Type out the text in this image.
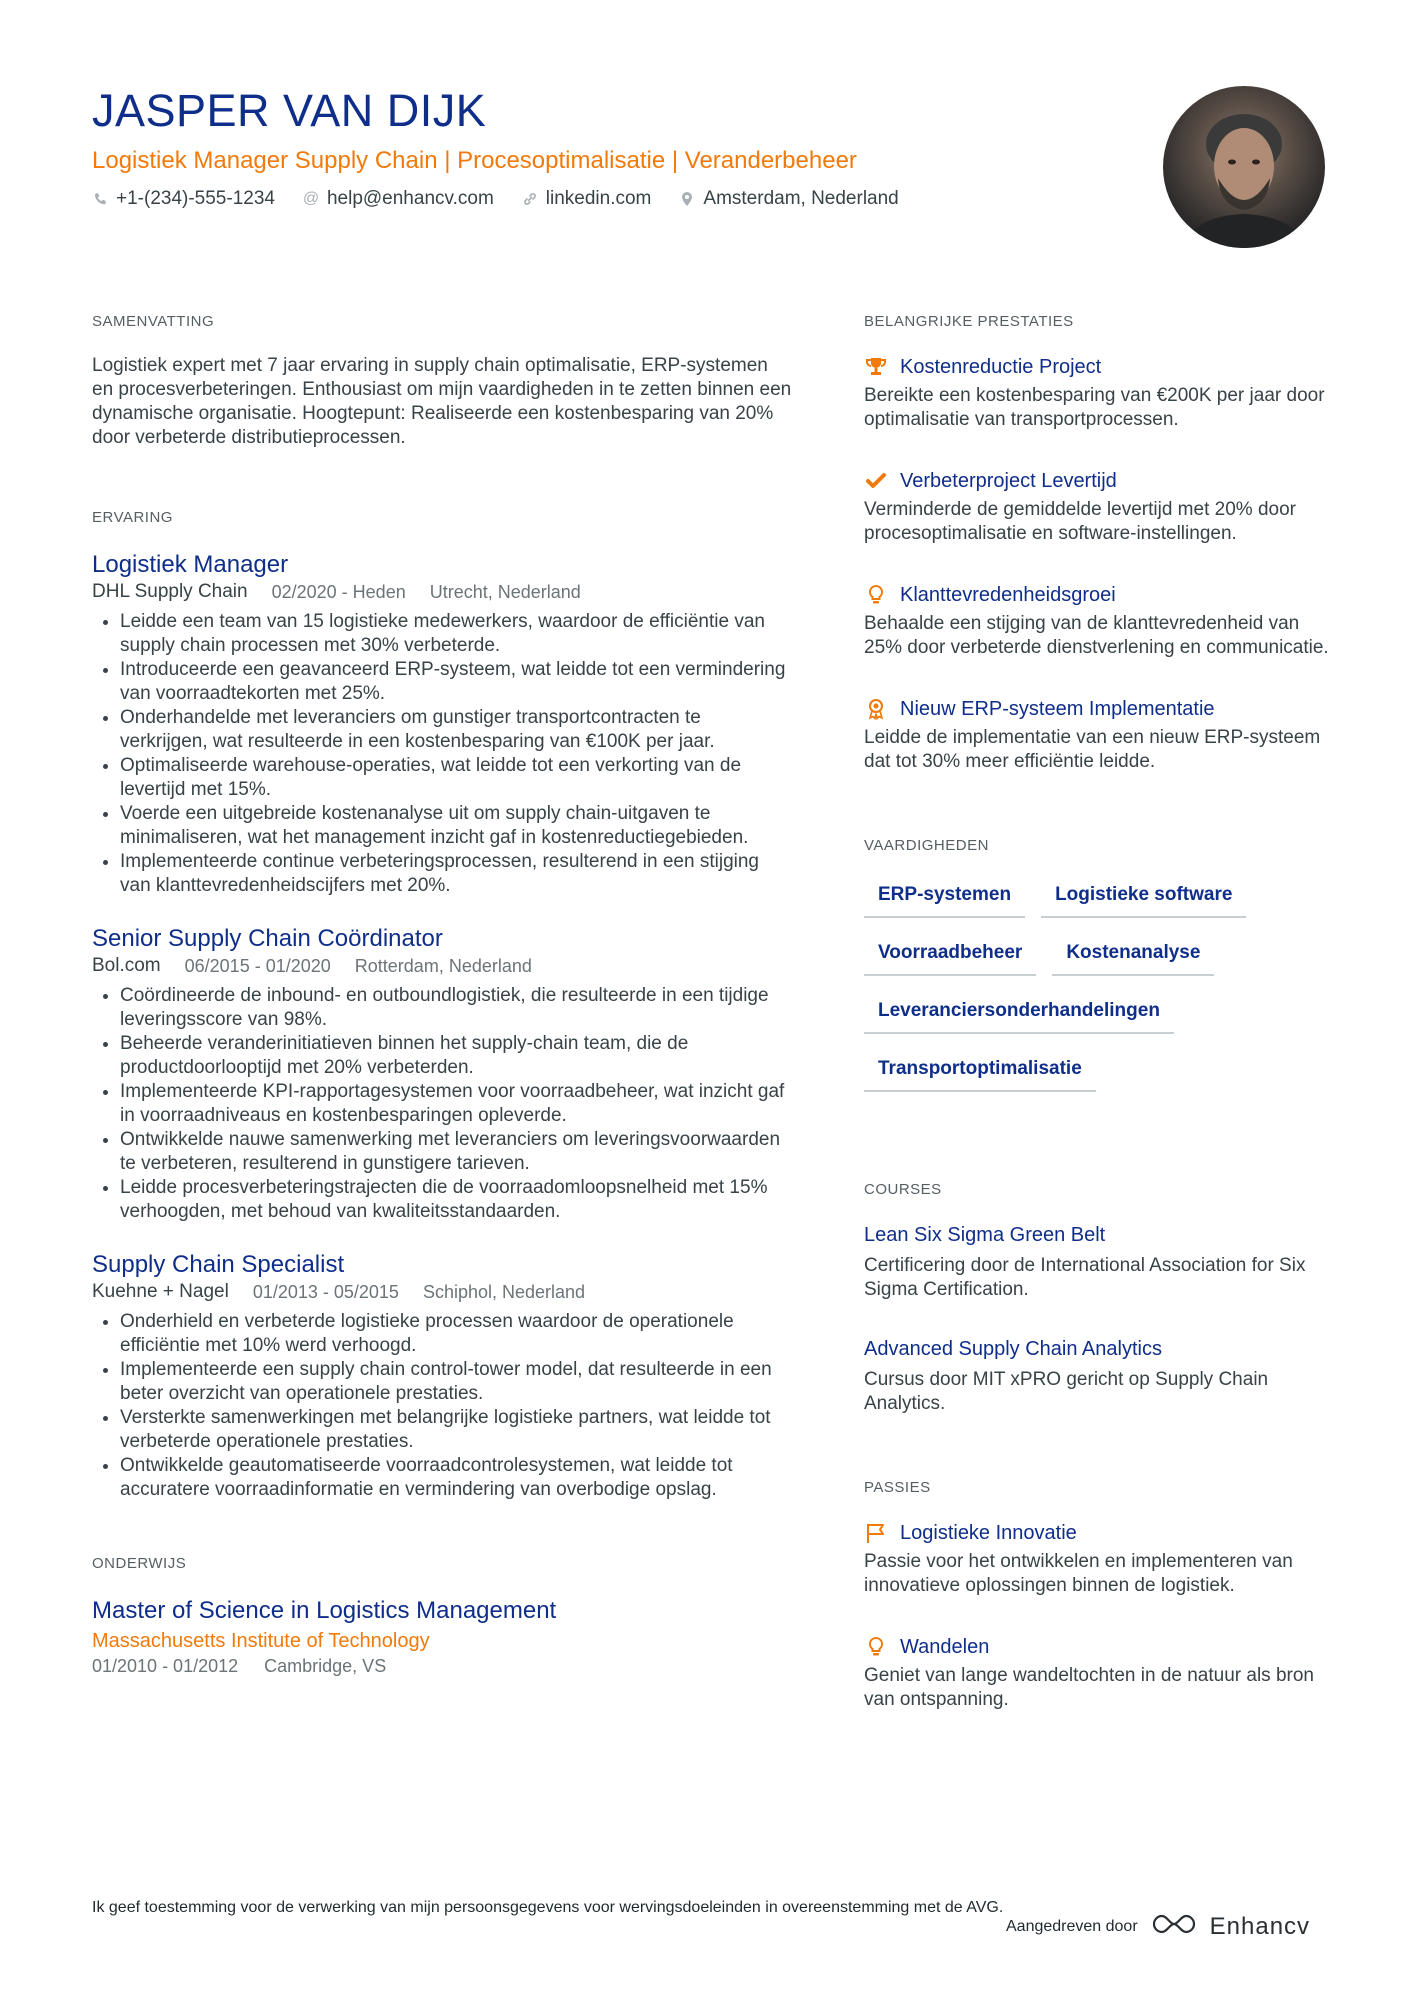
JASPER VAN DIJK
Logistiek Manager Supply Chain | Procesoptimalisatie | Veranderbeheer
+1-(234)-555-1234 @ help@enhancv.com	linkedin.com	Amsterdam, Nederland
SAMENVATTING

Logistiek expert met 7 jaar ervaring in supply chain optimalisatie, ERP-systemen en procesverbeteringen. Enthousiast om mijn vaardigheden in te zetten binnen een dynamische organisatie. Hoogtepunt: Realiseerde een kostenbesparing van 20% door verbeterde distributieprocessen.

ERVARING
Logistiek Manager
DHL Supply Chain 02/2020 - Heden Utrecht, Nederland
• Leidde een team van 15 logistieke medewerkers, waardoor de efficiëntie van supply chain processen met 30% verbeterde.
• Introduceerde een geavanceerd ERP-systeem, wat leidde tot een vermindering van voorraadtekorten met 25%.
• Onderhandelde met leveranciers om gunstiger transportcontracten te verkrijgen, wat resulteerde in een kostenbesparing van €100K per jaar.
• Optimaliseerde warehouse-operaties, wat leidde tot een verkorting van de levertijd met 15%.
• Voerde een uitgebreide kostenanalyse uit om supply chain-uitgaven te minimaliseren, wat het management inzicht gaf in kostenreductiegebieden.
• Implementeerde continue verbeteringsprocessen, resulterend in een stijging van klanttevredenheidscijfers met 20%.
Senior Supply Chain Coördinator
Bol.com 06/2015 - 01/2020 Rotterdam, Nederland
• Coördineerde de inbound- en outboundlogistiek, die resulteerde in een tijdige leveringsscore van 98%.
• Beheerde veranderinitiatieven binnen het supply-chain team, die de productdoorlooptijd met 20% verbeterden.
• Implementeerde KPI-rapportagesystemen voor voorraadbeheer, wat inzicht gaf in voorraadniveaus en kostenbesparingen opleverde.
• Ontwikkelde nauwe samenwerking met leveranciers om leveringsvoorwaarden te verbeteren, resulterend in gunstigere tarieven.
• Leidde procesverbeteringstrajecten die de voorraadomloopsnelheid met 15% verhoogden, met behoud van kwaliteitsstandaarden.
Supply Chain Specialist
Kuehne + Nagel 01/2013 - 05/2015 Schiphol, Nederland
• Onderhield en verbeterde logistieke processen waardoor de operationele efficiëntie met 10% werd verhoogd.
• Implementeerde een supply chain control-tower model, dat resulteerde in een beter overzicht van operationele prestaties.
• Versterkte samenwerkingen met belangrijke logistieke partners, wat leidde tot verbeterde operationele prestaties.
• Ontwikkelde geautomatiseerde voorraadcontrolesystemen, wat leidde tot accuratere voorraadinformatie en vermindering van overbodige opslag.
ONDERWIJS
Master of Science in Logistics Management
Massachusetts Institute of Technology
01/2010 - 01/2012 Cambridge, VS
BELANGRIJKE PRESTATIES
Kostenreductie Project
Bereikte een kostenbesparing van €200K per jaar door optimalisatie van transportprocessen.
Verbeterproject Levertijd
Verminderde de gemiddelde levertijd met 20% door procesoptimalisatie en software-instellingen.
Klanttevredenheidsgroei
Behaalde een stijging van de klanttevredenheid van 25% door verbeterde dienstverlening en communicatie.
Nieuw ERP-systeem Implementatie
Leidde de implementatie van een nieuw ERP-systeem dat tot 30% meer efficiëntie leidde.
VAARDIGHEDEN
ERP-systemen	Logistieke software
Voorraadbeheer	Kostenanalyse
Leveranciersonderhandelingen
Transportoptimalisatie
COURSES
Lean Six Sigma Green Belt
Certificering door de International Association for Six Sigma Certification.
Advanced Supply Chain Analytics
Cursus door MIT xPRO gericht op Supply Chain Analytics.
PASSIES
Logistieke Innovatie
Passie voor het ontwikkelen en implementeren van innovatieve oplossingen binnen de logistiek.
Wandelen
Geniet van lange wandeltochten in de natuur als bron van ontspanning.
Ik geef toestemming voor de verwerking van mijn persoonsgegevens voor wervingsdoeleinden in overeenstemming met de AVG.
Aangedreven door	Enhancv
